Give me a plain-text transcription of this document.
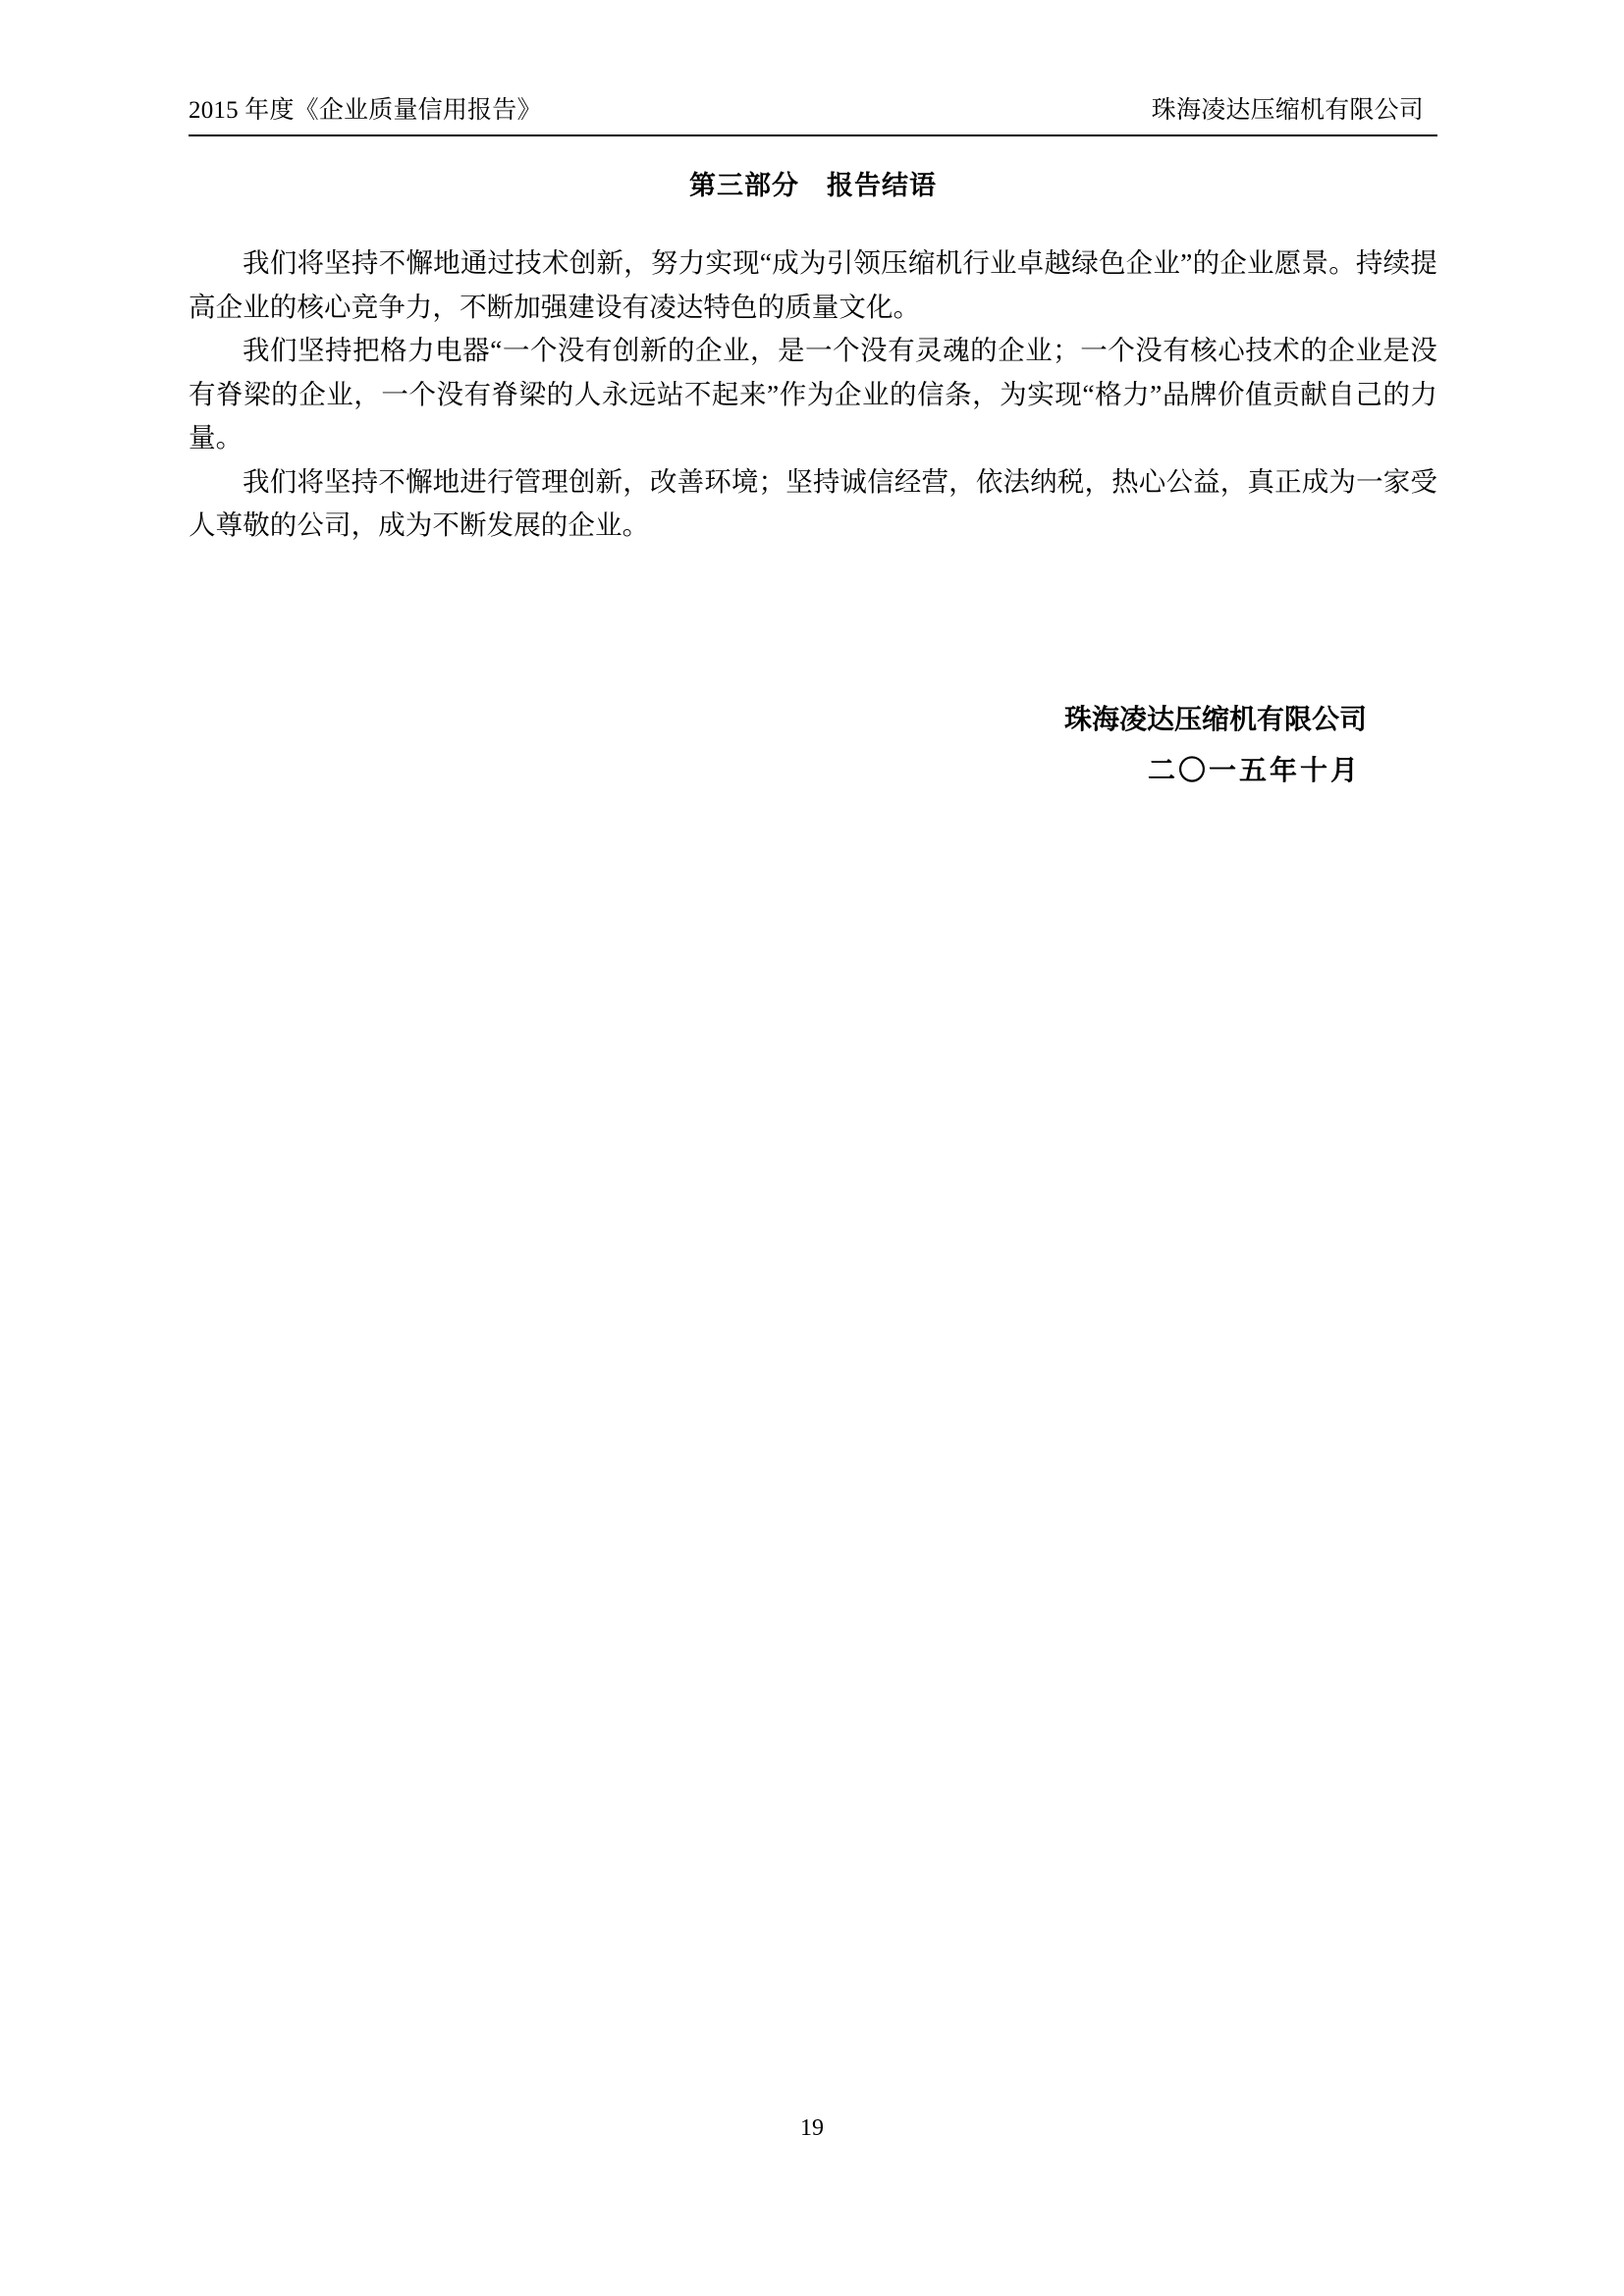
2015 年度《企业质量信用报告》	珠海凌达压缩机有限公司
第三部分 报告结语

我们将坚持不懈地通过技术创新，努力实现“成为引领压缩机行业卓越绿色企业”的企业愿景。持续提高企业的核心竞争力，不断加强建设有凌达特色的质量文化。

我们坚持把格力电器“一个没有创新的企业，是一个没有灵魂的企业；一个没有核心技术的企业是没有脊梁的企业，一个没有脊梁的人永远站不起来”作为企业的信条，为实现“格力”品牌价值贡献自己的力量。

我们将坚持不懈地进行管理创新，改善环境；坚持诚信经营，依法纳税，热心公益，真正成为一家受人尊敬的公司，成为不断发展的企业。

珠海凌达压缩机有限公司
二〇一五年十月
19
